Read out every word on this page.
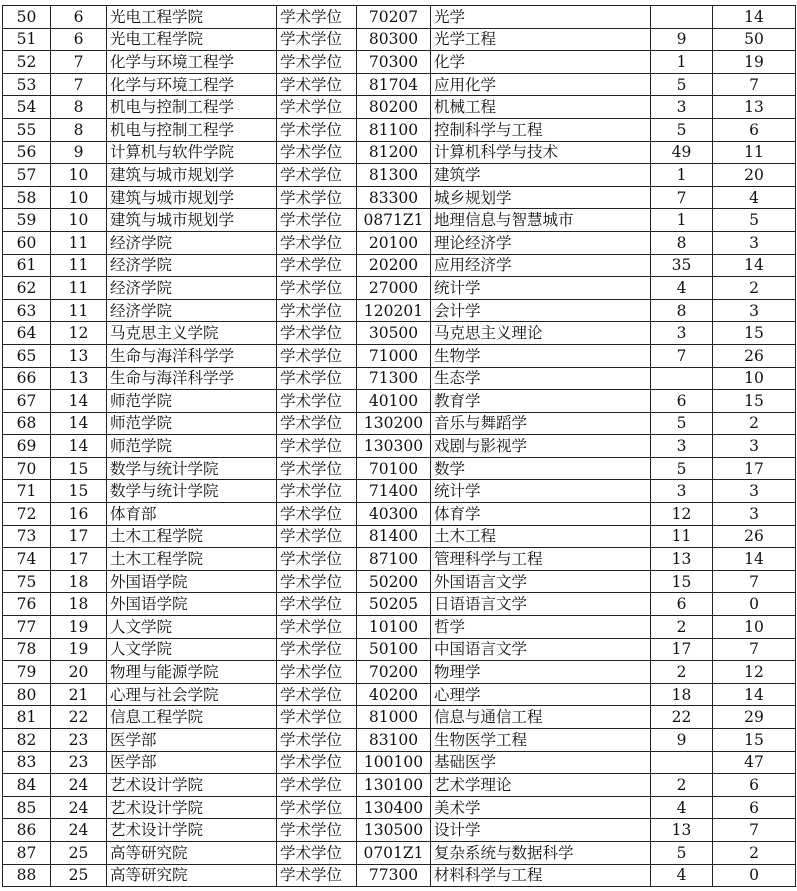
50	6	光电工程学院	学术学位	70207	光学		14
51	6	光电工程学院	学术学位	80300	光学工程	9	50
52	7	化学与环境工程学	学术学位	70300	化学	1	19
53	7	化学与环境工程学	学术学位	81704	应用化学	5	7
54	8	机电与控制工程学	学术学位	80200	机械工程	3	13
55	8	机电与控制工程学	学术学位	81100	控制科学与工程	5	6
56	9	计算机与软件学院	学术学位	81200	计算机科学与技术	49	11
57	10	建筑与城市规划学	学术学位	81300	建筑学	1	20
58	10	建筑与城市规划学	学术学位	83300	城乡规划学	7	4
59	10	建筑与城市规划学	学术学位	0871Z1	地理信息与智慧城市	1	5
60	11	经济学院	学术学位	20100	理论经济学	8	3
61	11	经济学院	学术学位	20200	应用经济学	35	14
62	11	经济学院	学术学位	27000	统计学	4	2
63	11	经济学院	学术学位	120201	会计学	8	3
64	12	马克思主义学院	学术学位	30500	马克思主义理论	3	15
65	13	生命与海洋科学学	学术学位	71000	生物学	7	26
66	13	生命与海洋科学学	学术学位	71300	生态学		10
67	14	师范学院	学术学位	40100	教育学	6	15
68	14	师范学院	学术学位	130200	音乐与舞蹈学	5	2
69	14	师范学院	学术学位	130300	戏剧与影视学	3	3
70	15	数学与统计学院	学术学位	70100	数学	5	17
71	15	数学与统计学院	学术学位	71400	统计学	3	3
72	16	体育部	学术学位	40300	体育学	12	3
73	17	土木工程学院	学术学位	81400	土木工程	11	26
74	17	土木工程学院	学术学位	87100	管理科学与工程	13	14
75	18	外国语学院	学术学位	50200	外国语言文学	15	7
76	18	外国语学院	学术学位	50205	日语语言文学	6	0
77	19	人文学院	学术学位	10100	哲学	2	10
78	19	人文学院	学术学位	50100	中国语言文学	17	7
79	20	物理与能源学院	学术学位	70200	物理学	2	12
80	21	心理与社会学院	学术学位	40200	心理学	18	14
81	22	信息工程学院	学术学位	81000	信息与通信工程	22	29
82	23	医学部	学术学位	83100	生物医学工程	9	15
83	23	医学部	学术学位	100100	基础医学		47
84	24	艺术设计学院	学术学位	130100	艺术学理论	2	6
85	24	艺术设计学院	学术学位	130400	美术学	4	6
86	24	艺术设计学院	学术学位	130500	设计学	13	7
87	25	高等研究院	学术学位	0701Z1	复杂系统与数据科学	5	2
88	25	高等研究院	学术学位	77300	材料科学与工程	4	0
